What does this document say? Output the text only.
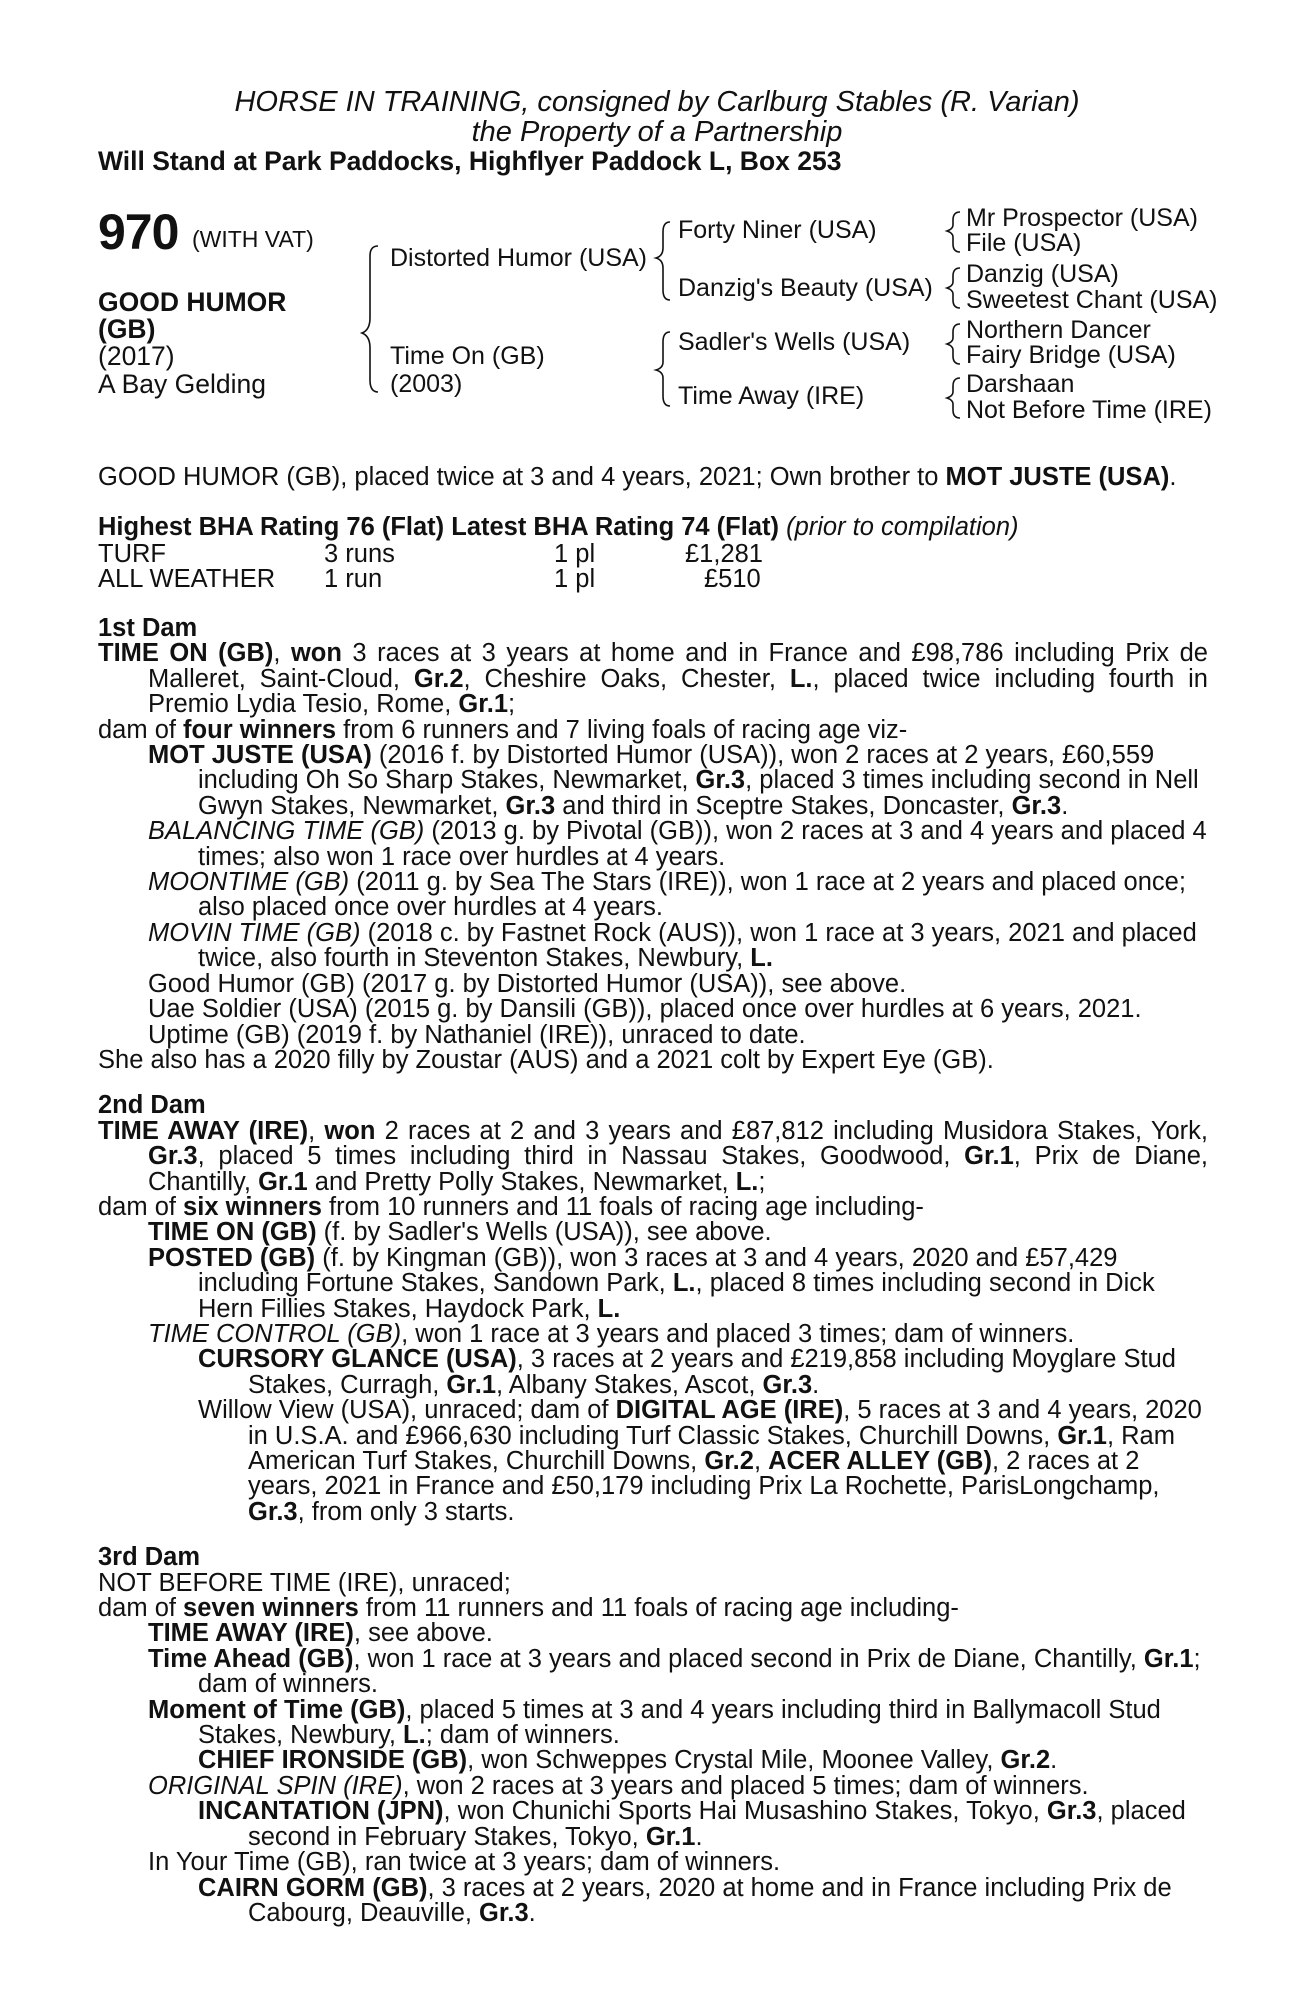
HORSE IN TRAINING, consigned by Carlburg Stables (R. Varian)
the Property of a Partnership
Will Stand at Park Paddocks, Highflyer Paddock L, Box 253
970 (WITH VAT)
GOOD HUMOR
(GB)
(2017)
A Bay Gelding
Distorted Humor (USA)
Time On (GB)
(2003)
Forty Niner (USA)
Danzig's Beauty (USA)
Sadler's Wells (USA)
Time Away (IRE)
Mr Prospector (USA)
File (USA)
Danzig (USA)
Sweetest Chant (USA)
Northern Dancer
Fairy Bridge (USA)
Darshaan
Not Before Time (IRE)
GOOD HUMOR (GB), placed twice at 3 and 4 years, 2021; Own brother to MOT JUSTE (USA).
Highest BHA Rating 76 (Flat) Latest BHA Rating 74 (Flat) (prior to compilation)
TURF	3 runs	1 pl	£1,281
ALL WEATHER 1 run	1 pl	£510

1st Dam

TIME ON (GB), won 3 races at 3 years at home and in France and £98,786 including Prix de Malleret, Saint-Cloud, Gr.2, Cheshire Oaks, Chester, L., placed twice including fourth in Premio Lydia Tesio, Rome, Gr.1;

dam of four winners from 6 runners and 7 living foals of racing age viz-

MOT JUSTE (USA) (2016 f. by Distorted Humor (USA)), won 2 races at 2 years, £60,559 including Oh So Sharp Stakes, Newmarket, Gr.3, placed 3 times including second in Nell Gwyn Stakes, Newmarket, Gr.3 and third in Sceptre Stakes, Doncaster, Gr.3.

BALANCING TIME (GB) (2013 g. by Pivotal (GB)), won 2 races at 3 and 4 years and placed 4 times; also won 1 race over hurdles at 4 years.

MOONTIME (GB) (2011 g. by Sea The Stars (IRE)), won 1 race at 2 years and placed once; also placed once over hurdles at 4 years.

MOVIN TIME (GB) (2018 c. by Fastnet Rock (AUS)), won 1 race at 3 years, 2021 and placed twice, also fourth in Steventon Stakes, Newbury, L.

Good Humor (GB) (2017 g. by Distorted Humor (USA)), see above.

Uae Soldier (USA) (2015 g. by Dansili (GB)), placed once over hurdles at 6 years, 2021.

Uptime (GB) (2019 f. by Nathaniel (IRE)), unraced to date.

She also has a 2020 filly by Zoustar (AUS) and a 2021 colt by Expert Eye (GB).

2nd Dam

TIME AWAY (IRE), won 2 races at 2 and 3 years and £87,812 including Musidora Stakes, York, Gr.3, placed 5 times including third in Nassau Stakes, Goodwood, Gr.1, Prix de Diane, Chantilly, Gr.1 and Pretty Polly Stakes, Newmarket, L.;

dam of six winners from 10 runners and 11 foals of racing age including-

TIME ON (GB) (f. by Sadler's Wells (USA)), see above.

POSTED (GB) (f. by Kingman (GB)), won 3 races at 3 and 4 years, 2020 and £57,429 including Fortune Stakes, Sandown Park, L., placed 8 times including second in Dick Hern Fillies Stakes, Haydock Park, L.

TIME CONTROL (GB), won 1 race at 3 years and placed 3 times; dam of winners.

CURSORY GLANCE (USA), 3 races at 2 years and £219,858 including Moyglare Stud Stakes, Curragh, Gr.1, Albany Stakes, Ascot, Gr.3.

Willow View (USA), unraced; dam of DIGITAL AGE (IRE), 5 races at 3 and 4 years, 2020 in U.S.A. and £966,630 including Turf Classic Stakes, Churchill Downs, Gr.1, Ram American Turf Stakes, Churchill Downs, Gr.2, ACER ALLEY (GB), 2 races at 2 years, 2021 in France and £50,179 including Prix La Rochette, ParisLongchamp, Gr.3, from only 3 starts.

3rd Dam

NOT BEFORE TIME (IRE), unraced;

dam of seven winners from 11 runners and 11 foals of racing age including-

TIME AWAY (IRE), see above.

Time Ahead (GB), won 1 race at 3 years and placed second in Prix de Diane, Chantilly, Gr.1; dam of winners.

Moment of Time (GB), placed 5 times at 3 and 4 years including third in Ballymacoll Stud Stakes, Newbury, L.; dam of winners.

CHIEF IRONSIDE (GB), won Schweppes Crystal Mile, Moonee Valley, Gr.2.

ORIGINAL SPIN (IRE), won 2 races at 3 years and placed 5 times; dam of winners.

INCANTATION (JPN), won Chunichi Sports Hai Musashino Stakes, Tokyo, Gr.3, placed second in February Stakes, Tokyo, Gr.1.

In Your Time (GB), ran twice at 3 years; dam of winners.

CAIRN GORM (GB), 3 races at 2 years, 2020 at home and in France including Prix de Cabourg, Deauville, Gr.3.
